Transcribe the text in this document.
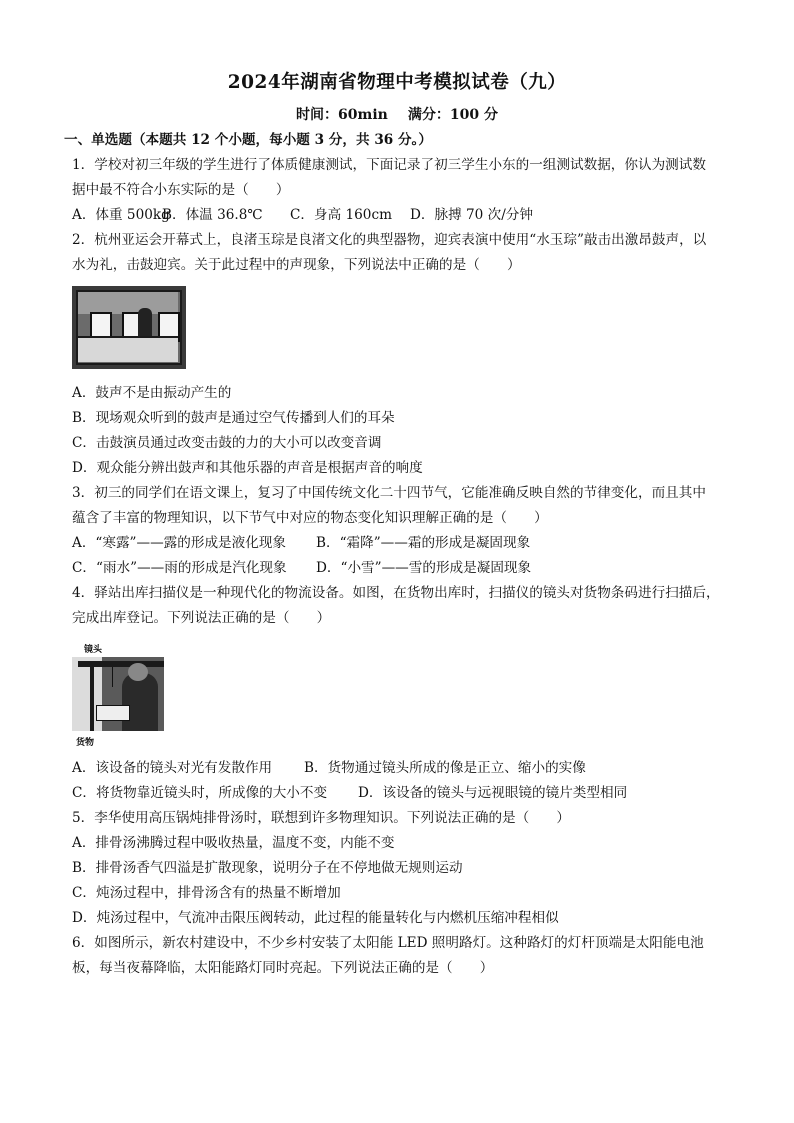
2024年湖南省物理中考模拟试卷（九）
时间：60min 满分：100 分
一、单选题（本题共 12 个小题，每小题 3 分，共 36 分。）
1．学校对初三年级的学生进行了体质健康测试，下面记录了初三学生小东的一组测试数据，你认为测试数
据中最不符合小东实际的是（　　）
A．体重 500kgB．体温 36.8℃ C．身高 160cm D．脉搏 70 次/分钟
2．杭州亚运会开幕式上，良渚玉琮是良渚文化的典型器物，迎宾表演中使用“水玉琮”敲击出激昂鼓声，以
水为礼，击鼓迎宾。关于此过程中的声现象，下列说法中正确的是（　　）
A．鼓声不是由振动产生的
B．现场观众听到的鼓声是通过空气传播到人们的耳朵
C．击鼓演员通过改变击鼓的力的大小可以改变音调
D．观众能分辨出鼓声和其他乐器的声音是根据声音的响度
3．初三的同学们在语文课上，复习了中国传统文化二十四节气，它能准确反映自然的节律变化，而且其中
蕴含了丰富的物理知识，以下节气中对应的物态变化知识理解正确的是（　　）
A．“寒露”——露的形成是液化现象 B．“霜降”——霜的形成是凝固现象
C．“雨水”——雨的形成是汽化现象 D．“小雪”——雪的形成是凝固现象
4．驿站出库扫描仪是一种现代化的物流设备。如图，在货物出库时，扫描仪的镜头对货物条码进行扫描后，
完成出库登记。下列说法正确的是（　　）
镜头
货物
A．该设备的镜头对光有发散作用 B．货物通过镜头所成的像是正立、缩小的实像
C．将货物靠近镜头时，所成像的大小不变 D．该设备的镜头与远视眼镜的镜片类型相同
5．李华使用高压锅炖排骨汤时，联想到许多物理知识。下列说法正确的是（　　）
A．排骨汤沸腾过程中吸收热量，温度不变，内能不变
B．排骨汤香气四溢是扩散现象，说明分子在不停地做无规则运动
C．炖汤过程中，排骨汤含有的热量不断增加
D．炖汤过程中，气流冲击限压阀转动，此过程的能量转化与内燃机压缩冲程相似
6．如图所示，新农村建设中，不少乡村安装了太阳能 LED 照明路灯。这种路灯的灯杆顶端是太阳能电池
板，每当夜幕降临，太阳能路灯同时亮起。下列说法正确的是（　　）
